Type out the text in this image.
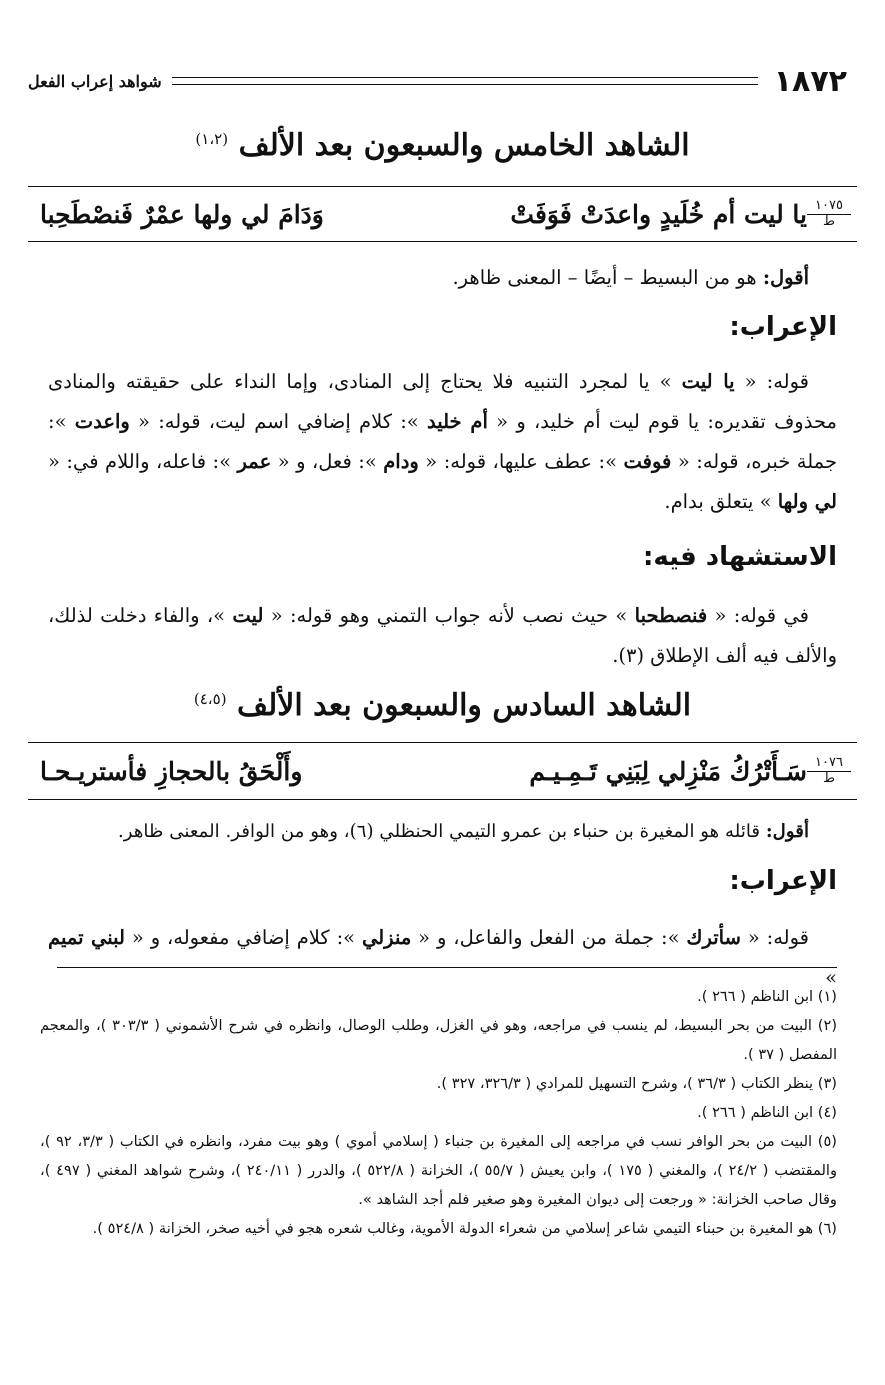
١٨٧٢
شواهد إعراب الفعل
الشاهد الخامس والسبعون بعد الألف $^{(١،٢)}$
١٠٧٥
ط
يا ليت أم خُلَيدٍ واعدَتْ فَوَفَتْ
وَدَامَ لي ولها عمْرٌ فَنصْطَحِبا
أقول: هو من البسيط – أيضًا – المعنى ظاهر.
الإعراب:
قوله: « يا ليت » يا لمجرد التنبيه فلا يحتاج إلى المنادى، وإما النداء على حقيقته والمنادى محذوف تقديره: يا قوم ليت أم خليد، و « أم خليد »: كلام إضافي اسم ليت، قوله: « واعدت »: جملة خبره، قوله: « فوفت »: عطف عليها، قوله: « ودام »: فعل، و « عمر »: فاعله، واللام في: « لي ولها » يتعلق بدام.
الاستشهاد فيه:
في قوله: « فنصطحبا » حيث نصب لأنه جواب التمني وهو قوله: « ليت »، والفاء دخلت لذلك، والألف فيه ألف الإطلاق (٣).
الشاهد السادس والسبعون بعد الألف $^{(٤،٥)}$
١٠٧٦
ط
سَـأَتْرُكُ مَنْزِلي لِبَنِي تَـمِـيـم
وأَلْحَقُ بالحجازِ فأستريـحـا
أقول: قائله هو المغيرة بن حنباء بن عمرو التيمي الحنظلي (٦)، وهو من الوافر. المعنى ظاهر.
الإعراب:
قوله: « سأترك »: جملة من الفعل والفاعل، و « منزلي »: كلام إضافي مفعوله، و « لبني تميم »

(١) ابن الناظم ( ٢٦٦ ).

(٢) البيت من بحر البسيط، لم ينسب في مراجعه، وهو في الغزل، وطلب الوصال، وانظره في شرح الأشموني ( ٣٠٣/٣ )، والمعجم المفصل ( ٣٧ ).

(٣) ينظر الكتاب ( ٣٦/٣ )، وشرح التسهيل للمرادي ( ٣٢٦/٣، ٣٢٧ ).

(٤) ابن الناظم ( ٢٦٦ ).

(٥) البيت من بحر الوافر نسب في مراجعه إلى المغيرة بن جنباء ( إسلامي أموي ) وهو بيت مفرد، وانظره في الكتاب ( ٣/٣، ٩٢ )، والمقتضب ( ٢٤/٢ )، والمغني ( ١٧٥ )، وابن يعيش ( ٥٥/٧ )، الخزانة ( ٥٢٢/٨ )، والدرر ( ٢٤٠/١١ )، وشرح شواهد المغني ( ٤٩٧ )، وقال صاحب الخزانة: « ورجعت إلى ديوان المغيرة وهو صغير فلم أجد الشاهد ».

(٦) هو المغيرة بن حبناء التيمي شاعر إسلامي من شعراء الدولة الأموية، وغالب شعره هجو في أخيه صخر، الخزانة ( ٥٢٤/٨ ).
